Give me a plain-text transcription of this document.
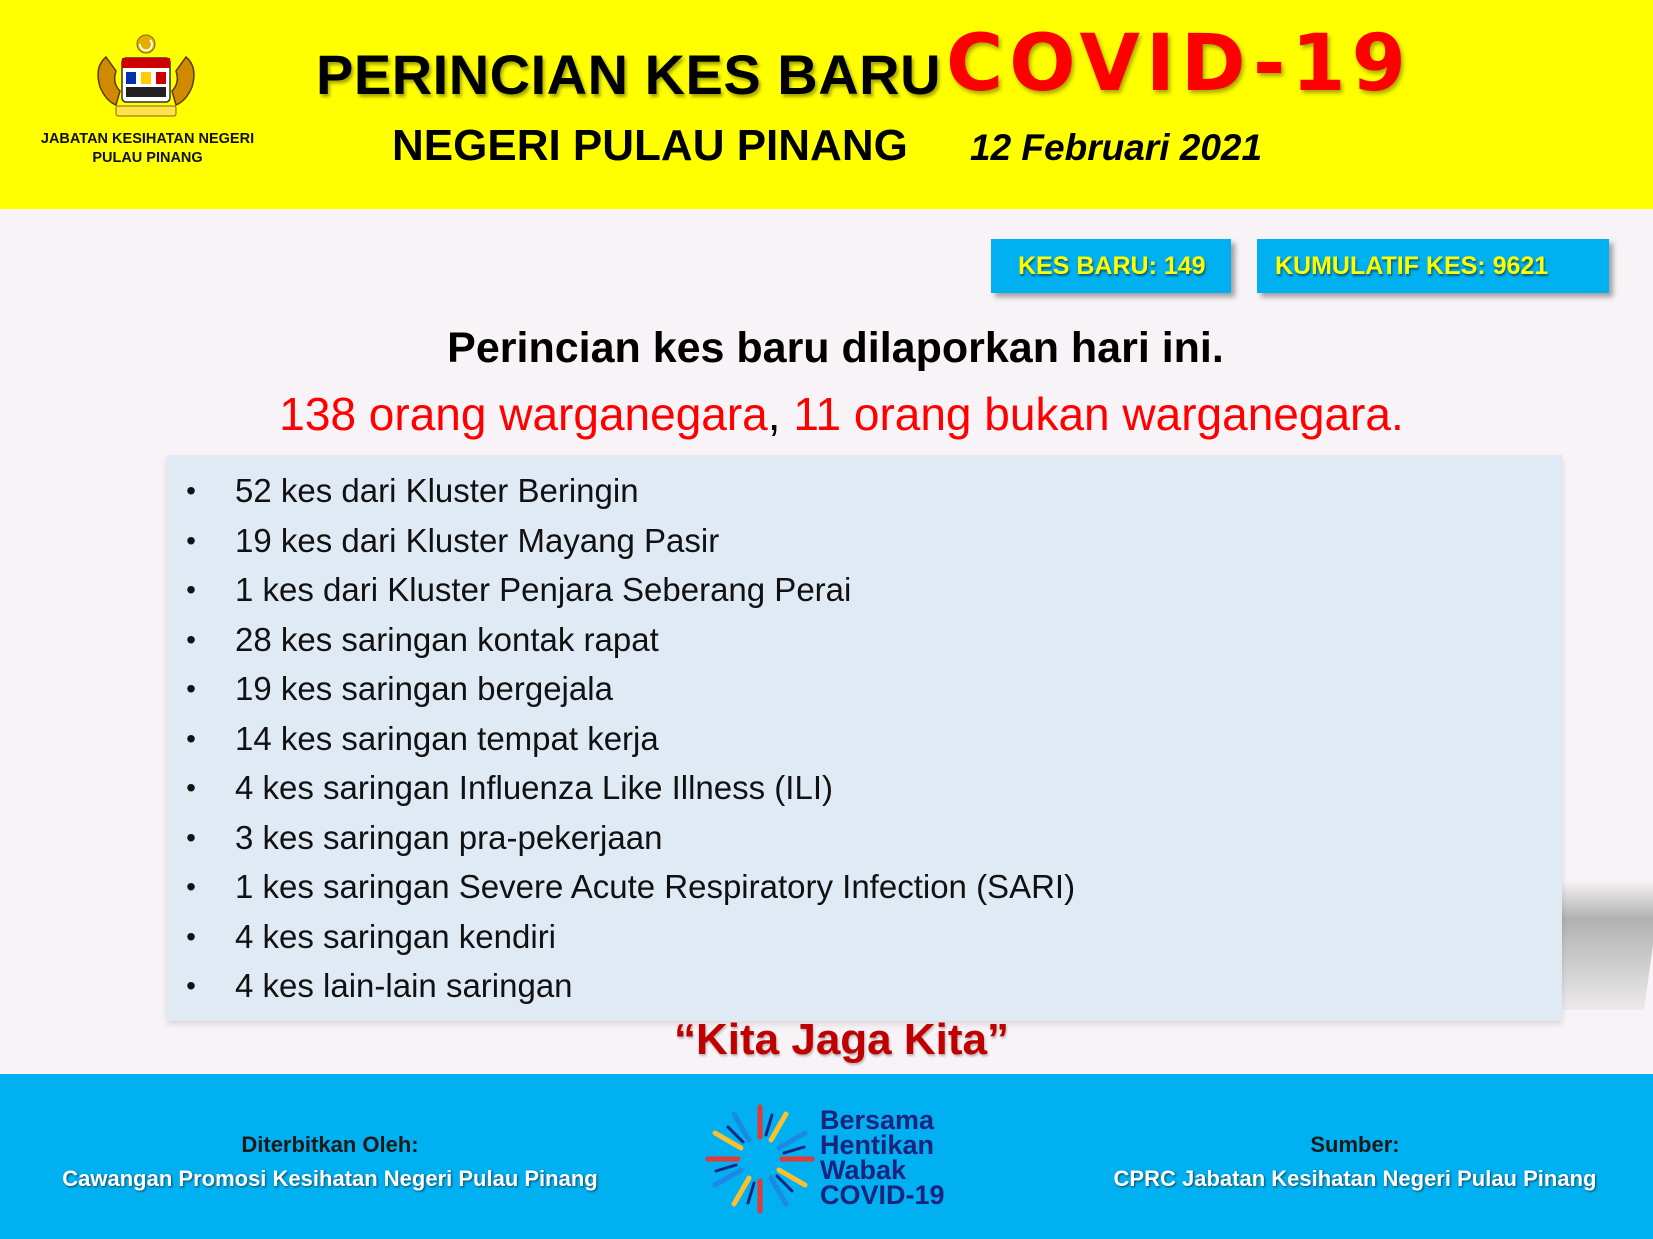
JABATAN KESIHATAN NEGERI
PULAU PINANG
PERINCIAN KES BARU COVID-19
NEGERI PULAU PINANG 12 Februari 2021
KES BARU: 149	KUMULATIF KES: 9621
Perincian kes baru dilaporkan hari ini.
138 orang warganegara, 11 orang bukan warganegara.
• 52 kes dari Kluster Beringin
• 19 kes dari Kluster Mayang Pasir
• 1 kes dari Kluster Penjara Seberang Perai
• 28 kes saringan kontak rapat
• 19 kes saringan bergejala
• 14 kes saringan tempat kerja
• 4 kes saringan Influenza Like Illness (ILI)
• 3 kes saringan pra-pekerjaan
• 1 kes saringan Severe Acute Respiratory Infection (SARI)
• 4 kes saringan kendiri
• 4 kes lain-lain saringan
“Kita Jaga Kita”
Diterbitkan Oleh:
Cawangan Promosi Kesihatan Negeri Pulau Pinang
Bersama
Hentikan
Wabak
COVID-19
Sumber:
CPRC Jabatan Kesihatan Negeri Pulau Pinang
